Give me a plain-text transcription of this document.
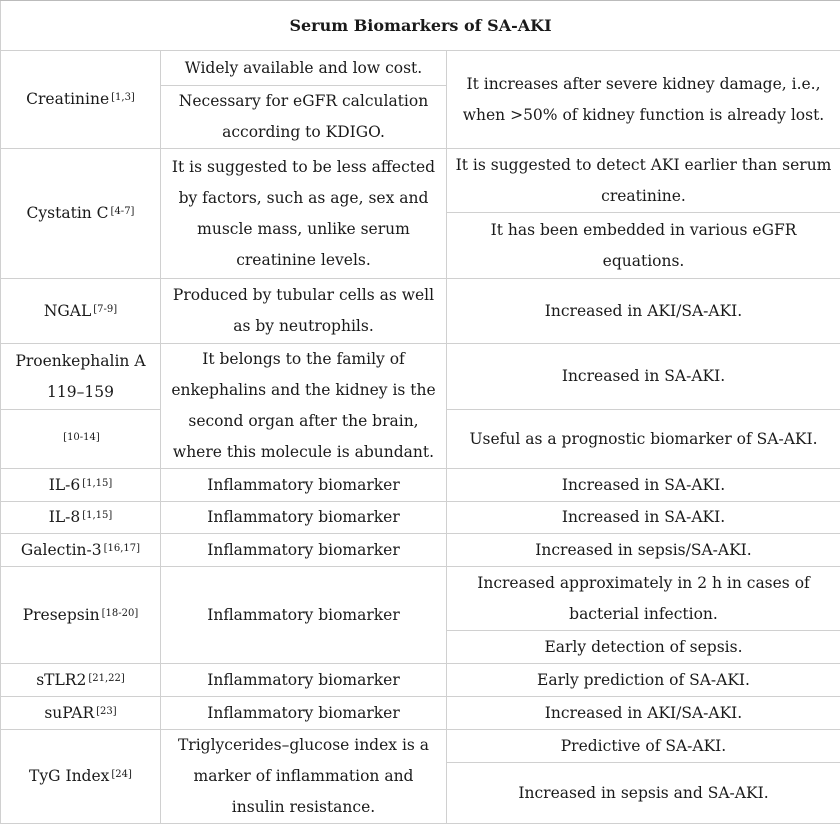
Serum Biomarkers of SA-AKI		
Creatinine [1,3]	Widely available and low cost.	It increases after severe kidney damage, i.e., when >50% of kidney function is already lost.
	Necessary for eGFR calculation according to KDIGO.	
Cystatin C [4-7]	It is suggested to be less affected by factors, such as age, sex and muscle mass, unlike serum creatinine levels.	It is suggested to detect AKI earlier than serum creatinine.
		It has been embedded in various eGFR equations.
NGAL [7-9]	Produced by tubular cells as well as by neutrophils.	Increased in AKI/SA-AKI.
Proenkephalin A 119–159	It belongs to the family of enkephalins and the kidney is the second organ after the brain, where this molecule is abundant.	Increased in SA-AKI.
[10-14]		Useful as a prognostic biomarker of SA-AKI.
IL-6 [1,15]	Inflammatory biomarker	Increased in SA-AKI.
IL-8 [1,15]	Inflammatory biomarker	Increased in SA-AKI.
Galectin-3 [16,17]	Inflammatory biomarker	Increased in sepsis/SA-AKI.
Presepsin [18-20]	Inflammatory biomarker	Increased approximately in 2 h in cases of bacterial infection.
		Early detection of sepsis.
sTLR2 [21,22]	Inflammatory biomarker	Early prediction of SA-AKI.
suPAR [23]	Inflammatory biomarker	Increased in AKI/SA-AKI.
TyG Index [24]	Triglycerides–glucose index is a marker of inflammation and insulin resistance.	Predictive of SA-AKI.
		Increased in sepsis and SA-AKI.
